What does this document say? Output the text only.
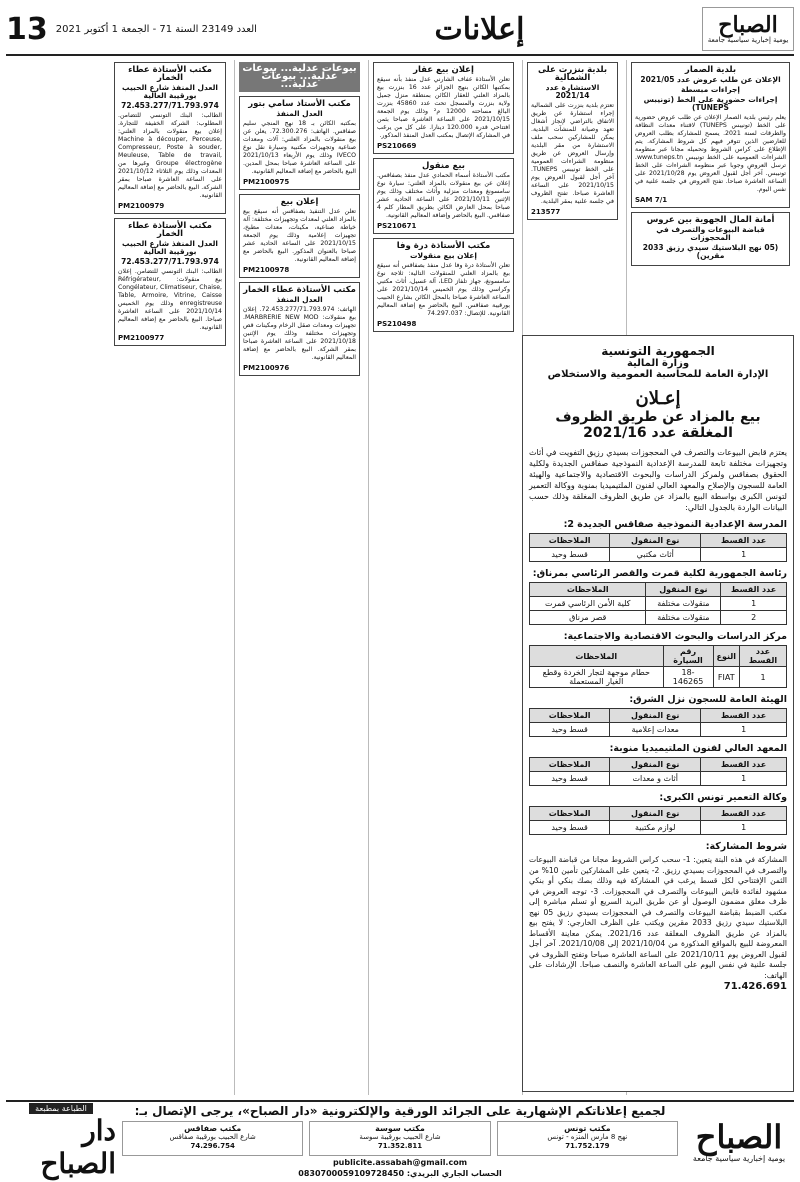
الصباح
يومية إخبارية سياسية جامعة
إعلانات
العدد 23149 السنة 71 - الجمعة 1 أكتوبر 2021
13
بلدية الصمار
الإعلان عن طلب عروض عدد 2021/05
إجراءات مبسطة
إجراءات حضورية على الخط (تونيبس TUNEPS)

يعلم رئيس بلدية الصمار الإعلان عن طلب عروض حضورية على الخط (تونيبس TUNEPS) لاقتناء معدات النظافة والطرقات لسنة 2021. يسمح للمشاركة بطلب العروض للعارضين الذين تتوفر فيهم كل شروط المشاركة. يتم الإطلاع على كراس الشروط وتحميله مجانا عبر منظومة الشراءات العمومية على الخط تونيبس www.tuneps.tn. ترسل العروض وجوبا عبر منظومة الشراءات على الخط تونيبس. آخر أجل لقبول العروض يوم 2021/10/28 على الساعة العاشرة صباحا. تفتح العروض في جلسة علنية في نفس اليوم.

SAM 7/1
أمانة المال الجهوية بين عروس
قباضة البيوعات والتصرف في المحجوزات
(05 نهج البلاستيك سيدي رزيق 2033 مقرين)
بلدية بنزرت على الشمالية
الاستشارة عدد 2021/14

تعتزم بلدية بنزرت على الشمالية إجراء استشارة عن طريق الاتفاق بالتراضي لإنجاز أشغال تعهد وصيانة للمنشآت البلدية. يمكن للمشاركين سحب ملف الاستشارة من مقر البلدية وإرسال العروض عن طريق منظومة الشراءات العمومية على الخط تونيبس TUNEPS. آخر أجل لقبول العروض يوم 2021/10/15 على الساعة العاشرة صباحا. تفتح الظروف في جلسة علنية بمقر البلدية.

213577
إعلان بيع عقار

تعلن الأستاذة عفاف الشارني عدل منفذ بأنه سيقع بمكتبها الكائن بنهج الجزائر عدد 16 بنزرت بيع بالمزاد العلني للعقار الكائن بمنطقة منزل جميل ولاية بنزرت والمسجل تحت عدد 45860 بنزرت البالغ مساحته 12000 م² وذلك يوم الجمعة 2021/10/15 على الساعة العاشرة صباحا بثمن افتتاحي قدره 120.000 دينارا. على كل من يرغب في المشاركة الإتصال بمكتب العدل المنفذ المذكور.

PS210669
بيع منقول

مكتب الأستاذة أسماء الحمادي عدل منفذ بصفاقس. إعلان عن بيع منقولات بالمزاد العلني: سيارة نوع سامسونغ ومعدات منزلية وأثاث مختلف وذلك يوم الإثنين 2021/10/11 على الساعة الحادية عشر صباحا بمحل العارض الكائن بطريق المطار كلم 4 صفاقس. البيع بالحاضر وإضافة المعاليم القانونية.

PS210671
مكتب الأستاذة درة وفا
إعلان بيع منقولات

تعلن الأستاذة درة وفا عدل منفذ بصفاقس أنه سيقع بيع بالمزاد العلني للمنقولات التالية: ثلاجة نوع سامسونغ، جهاز تلفاز LED، آلة غسيل، أثاث مكتبي وكراسي وذلك يوم الخميس 2021/10/14 على الساعة العاشرة صباحا بالمحل الكائن بشارع الحبيب بورقيبة صفاقس. البيع بالحاضر مع إضافة المعاليم القانونية. للإتصال: 74.297.037

PS210498
بيوعات عدلية... بيوعات عدلية... بيوعات عدلية...
مكتب الأستاذ سامي بتور
العدل المنفذ

بمكتبه الكائن بـ 18 نهج المنجي سليم صفاقس. الهاتف: 72.300.276. يعلن عن بيع منقولات بالمزاد العلني: آلات ومعدات صناعية وتجهيزات مكتبية وسيارة نقل نوع IVECO وذلك يوم الأربعاء 2021/10/13 على الساعة العاشرة صباحا بمحل المدين. البيع بالحاضر مع إضافة المعاليم القانونية.

PM2100975
إعلان بيع

تعلن عدل التنفيذ بصفاقس أنه سيقع بيع بالمزاد العلني لمعدات وتجهيزات مختلفة: آلة خياطة صناعية، مكينات، معدات مطبخ، تجهيزات إعلامية وذلك يوم الجمعة 2021/10/15 على الساعة الحادية عشر صباحا بالعنوان المذكور. البيع بالحاضر مع إضافة المعاليم القانونية.

PM2100978
مكتب الأستاذة عطاء الخمار
العدل المنفذ

الهاتف: 72.453.277/71.793.974. إعلان بيع منقولات: MARBRERIE NEW MOD. تجهيزات ومعدات صقل الرخام ومكينات قص وتجهيزات مختلفة وذلك يوم الإثنين 2021/10/18 على الساعة العاشرة صباحا بمقر الشركة. البيع بالحاضر مع إضافة المعاليم القانونية.

PM2100976
مكتب الأستاذة عطاء الخمار
العدل المنفذ شارع الحبيب بورقيبة العالية
72.453.277/71.793.974

الطالب: البنك التونسي للتضامن. المطلوب: الشركة الخفيفة للتجارة. إعلان بيع منقولات بالمزاد العلني: Machine à découper, Perceuse, Compresseur, Poste à souder, Meuleuse, Table de travail, Groupe électrogène وغيرها من المعدات وذلك يوم الثلاثاء 2021/10/12 على الساعة العاشرة صباحا بمقر الشركة. البيع بالحاضر مع إضافة المعاليم القانونية.

PM2100979
مكتب الأستاذة عطاء الخمار
العدل المنفذ شارع الحبيب بورقيبة العالية
72.453.277/71.793.974

الطالب: البنك التونسي للتضامن. إعلان بيع منقولات: Réfrigérateur, Congélateur, Climatiseur, Chaise, Table, Armoire, Vitrine, Caisse enregistreuse وذلك يوم الخميس 2021/10/14 على الساعة العاشرة صباحا. البيع بالحاضر مع إضافة المعاليم القانونية.

PM2100977
الجمهورية التونسية
وزارة المالية
الإدارة العامة للمحاسبة العمومية والاستخلاص
إعـلان
بيع بالمزاد عن طريق الظروف المغلقة عدد 2021/16
يعتزم قابض البيوعات والتصرف في المحجوزات بسيدي رزيق التفويت في أثاث وتجهيزات مختلفة تابعة للمدرسة الإعدادية النموذجية صفاقس الجديدة ولكلية الحقوق بصفاقس ولمركز الدراسات والبحوث الاقتصادية والاجتماعية والهيئة العامة للسجون والإصلاح والمعهد العالي لفنون الملتيميديا بمنوبة ووكالة التعمير لتونس الكبرى بواسطة البيع بالمزاد عن طريق الظروف المغلقة وذلك حسب البيانات الواردة بالجدول التالي:
المدرسة الإعدادية النموذجية صفاقس الجديدة 2:
عدد القسط	نوع المنقول	الملاحظات
1	أثاث مكتبي	قسط وحيد
رئاسة الجمهورية لكلية قمرت والقصر الرئاسي بمرناق:
عدد القسط	نوع المنقول	الملاحظات
1	منقولات مختلفة	كلية الأمن الرئاسي قمرت
2	منقولات مختلفة	قصر مرناق
مركز الدراسات والبحوث الاقتصادية والاجتماعية:
عدد القسط	النوع	رقم السيارة	الملاحظات
1	FIAT	18-146265	حطام موجهة لتجار الخردة وقطع الغيار المستعملة
الهيئة العامة للسجون نزل الشرق:
عدد القسط	نوع المنقول	الملاحظات
1	معدات إعلامية	قسط وحيد
المعهد العالي لفنون الملتيميديا منوبة:
عدد القسط	نوع المنقول	الملاحظات
1	أثاث و معدات	قسط وحيد
وكالة التعمير تونس الكبرى:
عدد القسط	نوع المنقول	الملاحظات
1	لوازم مكتبية	قسط وحيد
شروط المشاركة:
المشاركة في هذه البتة يتعين: 1- سحب كراس الشروط مجانا من قباضة البيوعات والتصرف في المحجوزات بسيدي رزيق. 2- يتعين على المشاركين تأمين 10% من الثمن الإفتتاحي لكل قسط يرغب في المشاركة فيه وذلك بصك بنكي أو بنكي مشهود لفائدة قابض البيوعات والتصرف في المحجوزات. 3- توجه العروض في ظرف مغلق مضمون الوصول أو عن طريق البريد السريع أو تسلم مباشرة إلى مكتب الضبط بقباضة البيوعات والتصرف في المحجوزات بسيدي رزيق 05 نهج البلاستيك سيدي رزيق 2033 مقرين ويكتب على الظرف الخارجي: لا يفتح بيع بالمزاد عن طريق الظروف المغلقة عدد 2021/16. يمكن معاينة الأقساط المعروضة للبيع بالمواقع المذكورة من 2021/10/04 إلى 2021/10/08. آخر أجل لقبول العروض يوم 2021/10/11 على الساعة العاشرة صباحا وتفتح الظروف في جلسة علنية في نفس اليوم على الساعة العاشرة والنصف صباحا. الإرشادات على الهاتف:
71.426.691
الصباح
يومية إخبارية سياسية جامعة
لجميع إعلاناتكم الإشهارية على الجرائد الورقية والإلكترونية «دار الصباح»، يرجى الإتصال بـ:
مكتب تونس
نهج 8 مارس المنزه - تونس
71.752.179
مكتب سوسة
شارع الحبيب بورقيبة سوسة
71.352.811
مكتب صفاقس
شارع الحبيب بورقيبة صفاقس
74.296.754
publicite.assabah@gmail.com
الحساب الجاري البريدي: 0830700059109728450
الطباعة بمطبعة
دار الصباح
